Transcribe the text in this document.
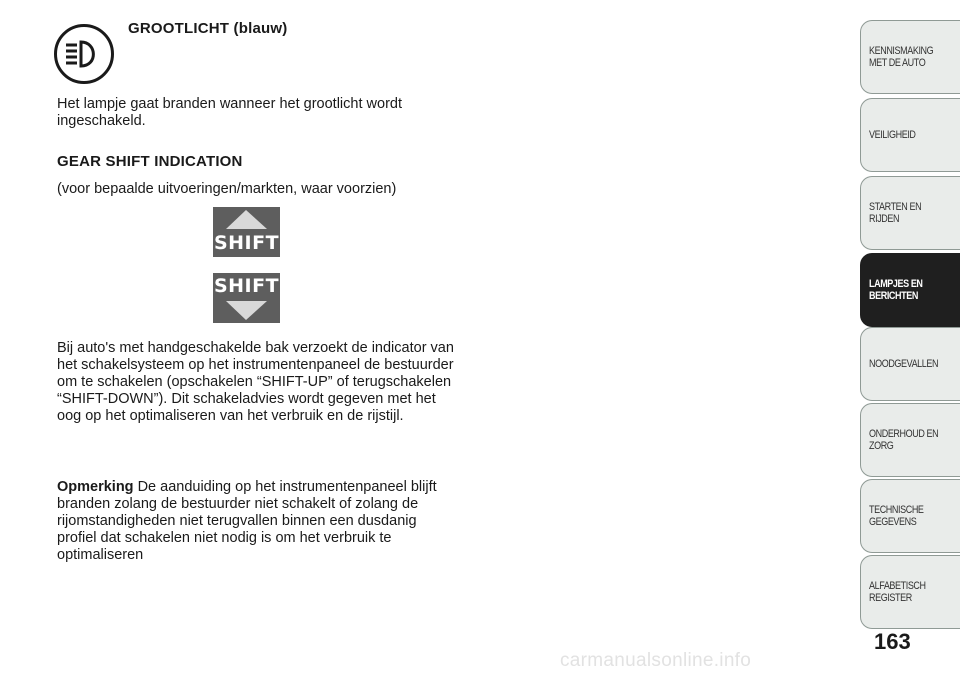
GROOTLICHT (blauw)
Het lampje gaat branden wanneer het grootlicht wordt ingeschakeld.
GEAR SHIFT INDICATION
(voor bepaalde uitvoeringen/markten, waar voorzien)
SHIFT
SHIFT
Bij auto's met handgeschakelde bak verzoekt de indicator van het schakelsysteem op het instrumentenpaneel de bestuurder om te schakelen (opschakelen “SHIFT-UP” of terugschakelen “SHIFT-DOWN”). Dit schakeladvies wordt gegeven met het oog op het optimaliseren van het verbruik en de rijstijl.
Opmerking De aanduiding op het instrumentenpaneel blijft branden zolang de bestuurder niet schakelt of zolang de rijomstandigheden niet terugvallen binnen een dusdanig profiel dat schakelen niet nodig is om het verbruik te optimaliseren
KENNISMAKING MET DE AUTO
VEILIGHEID
STARTEN EN RIJDEN
LAMPJES EN BERICHTEN
NOODGEVALLEN
ONDERHOUD EN ZORG
TECHNISCHE GEGEVENS
ALFABETISCH REGISTER
163
carmanualsonline.info
